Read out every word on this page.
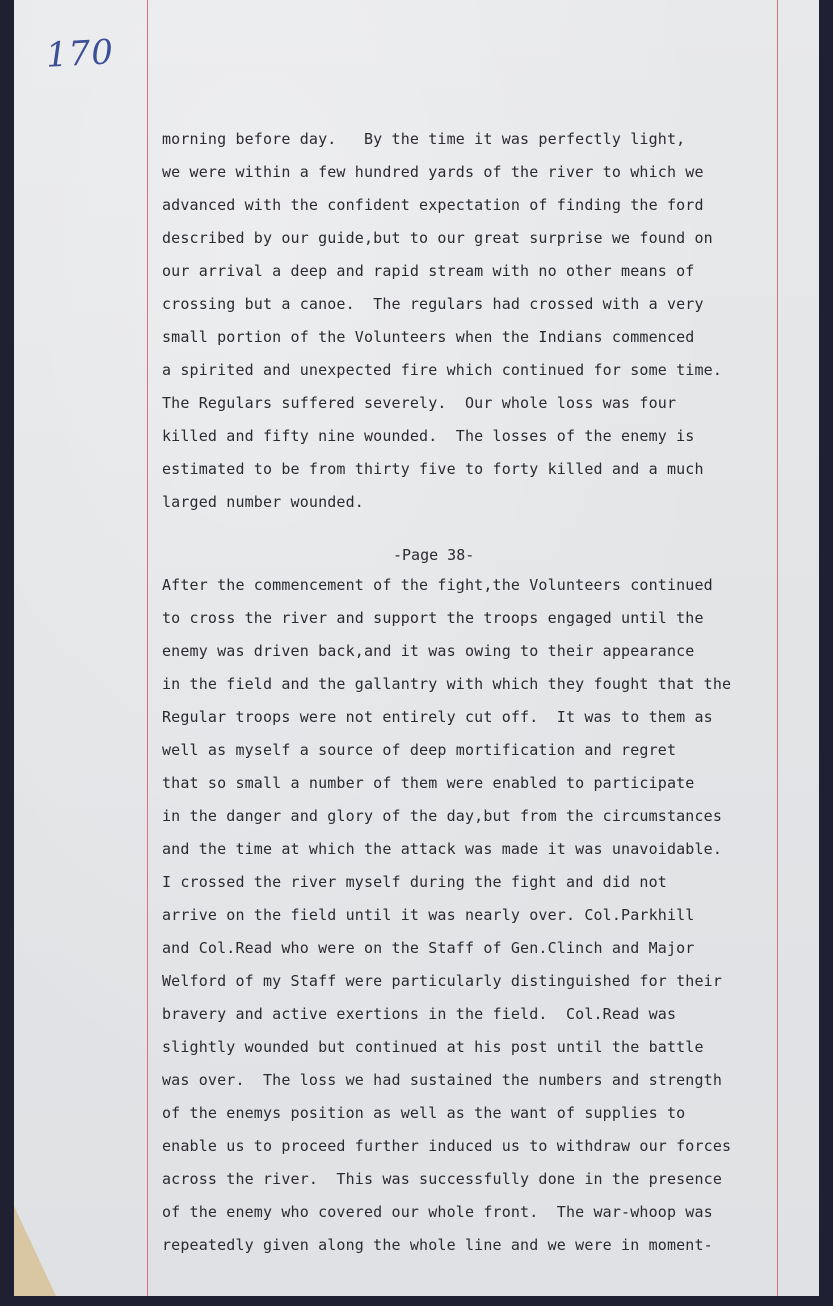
170
morning before day.   By the time it was perfectly light,
we were within a few hundred yards of the river to which we
advanced with the confident expectation of finding the ford
described by our guide,but to our great surprise we found on
our arrival a deep and rapid stream with no other means of
crossing but a canoe.  The regulars had crossed with a very
small portion of the Volunteers when the Indians commenced
a spirited and unexpected fire which continued for some time.
The Regulars suffered severely.  Our whole loss was four
killed and fifty nine wounded.  The losses of the enemy is
estimated to be from thirty five to forty killed and a much
larged number wounded.
-Page 38-
After the commencement of the fight,the Volunteers continued
to cross the river and support the troops engaged until the
enemy was driven back,and it was owing to their appearance
in the field and the gallantry with which they fought that the
Regular troops were not entirely cut off.  It was to them as
well as myself a source of deep mortification and regret
that so small a number of them were enabled to participate
in the danger and glory of the day,but from the circumstances
and the time at which the attack was made it was unavoidable.
I crossed the river myself during the fight and did not
arrive on the field until it was nearly over. Col.Parkhill
and Col.Read who were on the Staff of Gen.Clinch and Major
Welford of my Staff were particularly distinguished for their
bravery and active exertions in the field.  Col.Read was
slightly wounded but continued at his post until the battle
was over.  The loss we had sustained the numbers and strength
of the enemys position as well as the want of supplies to
enable us to proceed further induced us to withdraw our forces
across the river.  This was successfully done in the presence
of the enemy who covered our whole front.  The war-whoop was
repeatedly given along the whole line and we were in moment-
